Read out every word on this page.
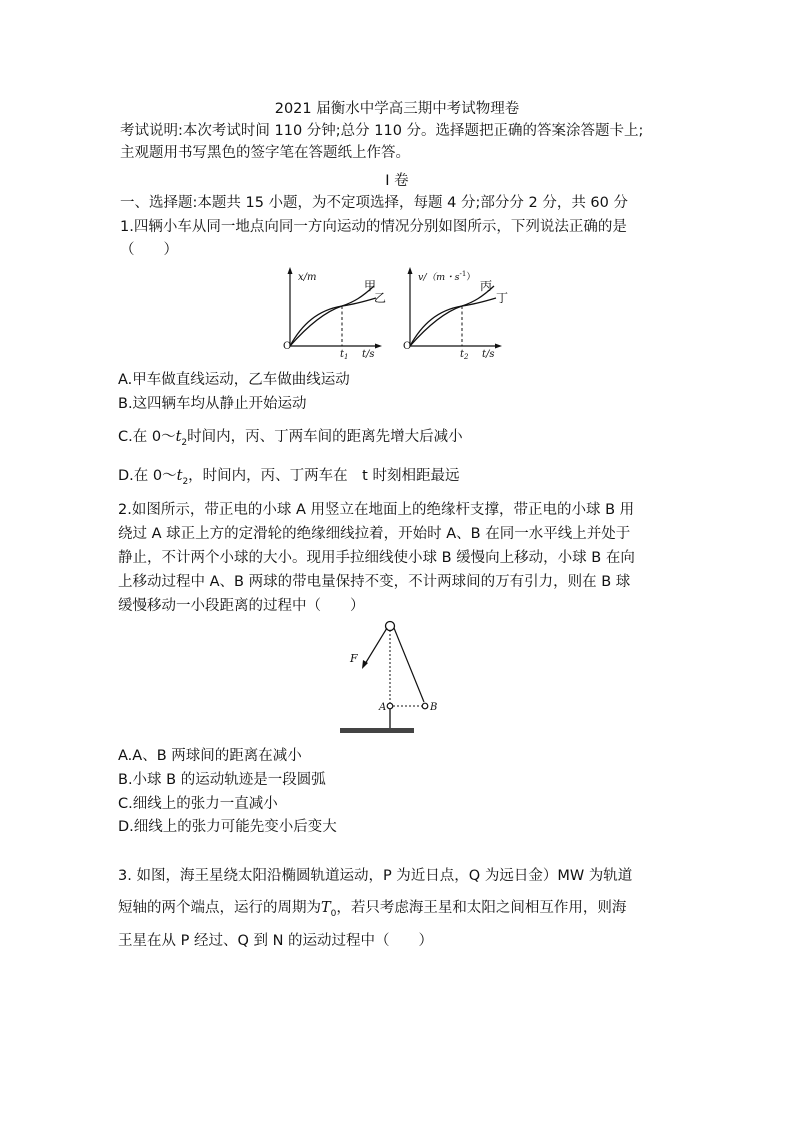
2021 届衡水中学高三期中考试物理卷
考试说明:本次考试时间 110 分钟;总分 110 分。选择题把正确的答案涂答题卡上;
主观题用书写黑色的签字笔在答题纸上作答。
I 卷
一、选择题:本题共 15 小题，为不定项选择，每题 4 分;部分分 2 分，共 60 分
1.四辆小车从同一地点向同一方向运动的情况分别如图所示，下列说法正确的是
（　　）
x/m
甲
乙
O
$t_1$ t/s
v/（m・$s^{-1}$）
丙
丁
O
$t_2$ t/s
A.甲车做直线运动，乙车做曲线运动
B.这四辆车均从静止开始运动
C.在 $0\sim t_2$时间内，丙、丁两车间的距离先增大后减小
D.在 $0\sim t_2$，时间内，丙、丁两车在　t 时刻相距最远
2.如图所示，带正电的小球 A 用竖立在地面上的绝缘杆支撑，带正电的小球 B 用
绕过 A 球正上方的定滑轮的绝缘细线拉着，开始时 A、B 在同一水平线上并处于
静止，不计两个小球的大小。现用手拉细线使小球 B 缓慢向上移动，小球 B 在向
上移动过程中 A、B 两球的带电量保持不变，不计两球间的万有引力，则在 B 球
缓慢移动一小段距离的过程中（　　）
F
A	B
A.A、B 两球间的距离在减小
B.小球 B 的运动轨迹是一段圆弧
C.细线上的张力一直减小
D.细线上的张力可能先变小后变大
3. 如图，海王星绕太阳沿椭圆轨道运动，P 为近日点，Q 为远日金）MW 为轨道
短轴的两个端点，运行的周期为$T_0$，若只考虑海王星和太阳之间相互作用，则海
王星在从 P 经过、Q 到 N 的运动过程中（　　）
